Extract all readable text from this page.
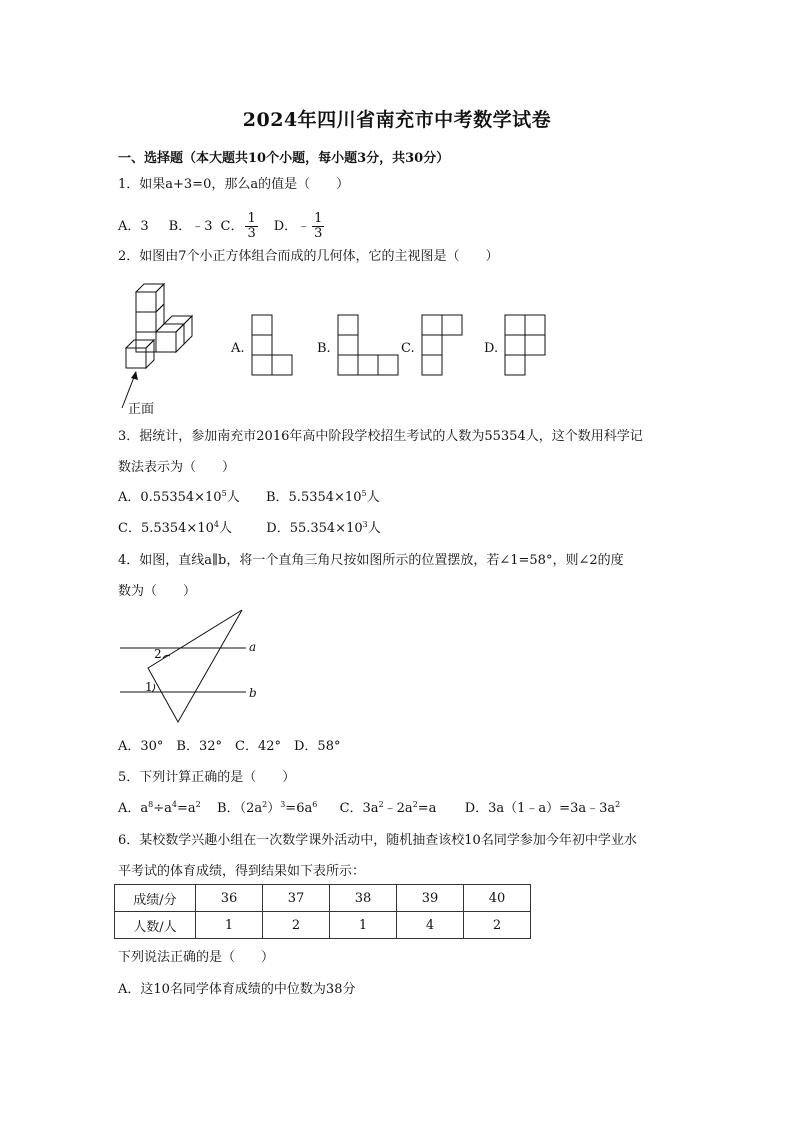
2024年四川省南充市中考数学试卷
一、选择题（本大题共10个小题，每小题3分，共30分）
1．如果a+3=0，那么a的值是（　　）
A．3 B．﹣3 C． $\frac{1}{3}$ D．﹣ $\frac{1}{3}$
2．如图由7个小正方体组合而成的几何体，它的主视图是（　　）
正面
A.	B.	C.	D.
3．据统计，参加南充市2016年高中阶段学校招生考试的人数为55354人，这个数用科学记
数法表示为（　　）
A．$0.55354\times 10^5$人 B．$5.5354\times 10^5$人
C．$5.5354\times 10^4$人	D．$55.354\times 10^3$人
4．如图，直线a∥b，将一个直角三角尺按如图所示的位置摆放，若∠1=58°，则∠2的度
数为（　　）
a
b
2
1
A．30°　B．32°　C．42°　D．58°
5．下列计算正确的是（　　）
A．$a^8\div a^4=a^2$ B．$(2a^2)^3=6a^6$ C．$3a^2﹣2a^2=a$ D．$3a(1﹣a)=3a﹣3a^2$
6．某校数学兴趣小组在一次数学课外活动中，随机抽查该校10名同学参加今年初中学业水
平考试的体育成绩，得到结果如下表所示：
成绩/分	36	37	38	39	40
人数/人	1	2	1	4	2
下列说法正确的是（　　）
A．这10名同学体育成绩的中位数为38分
